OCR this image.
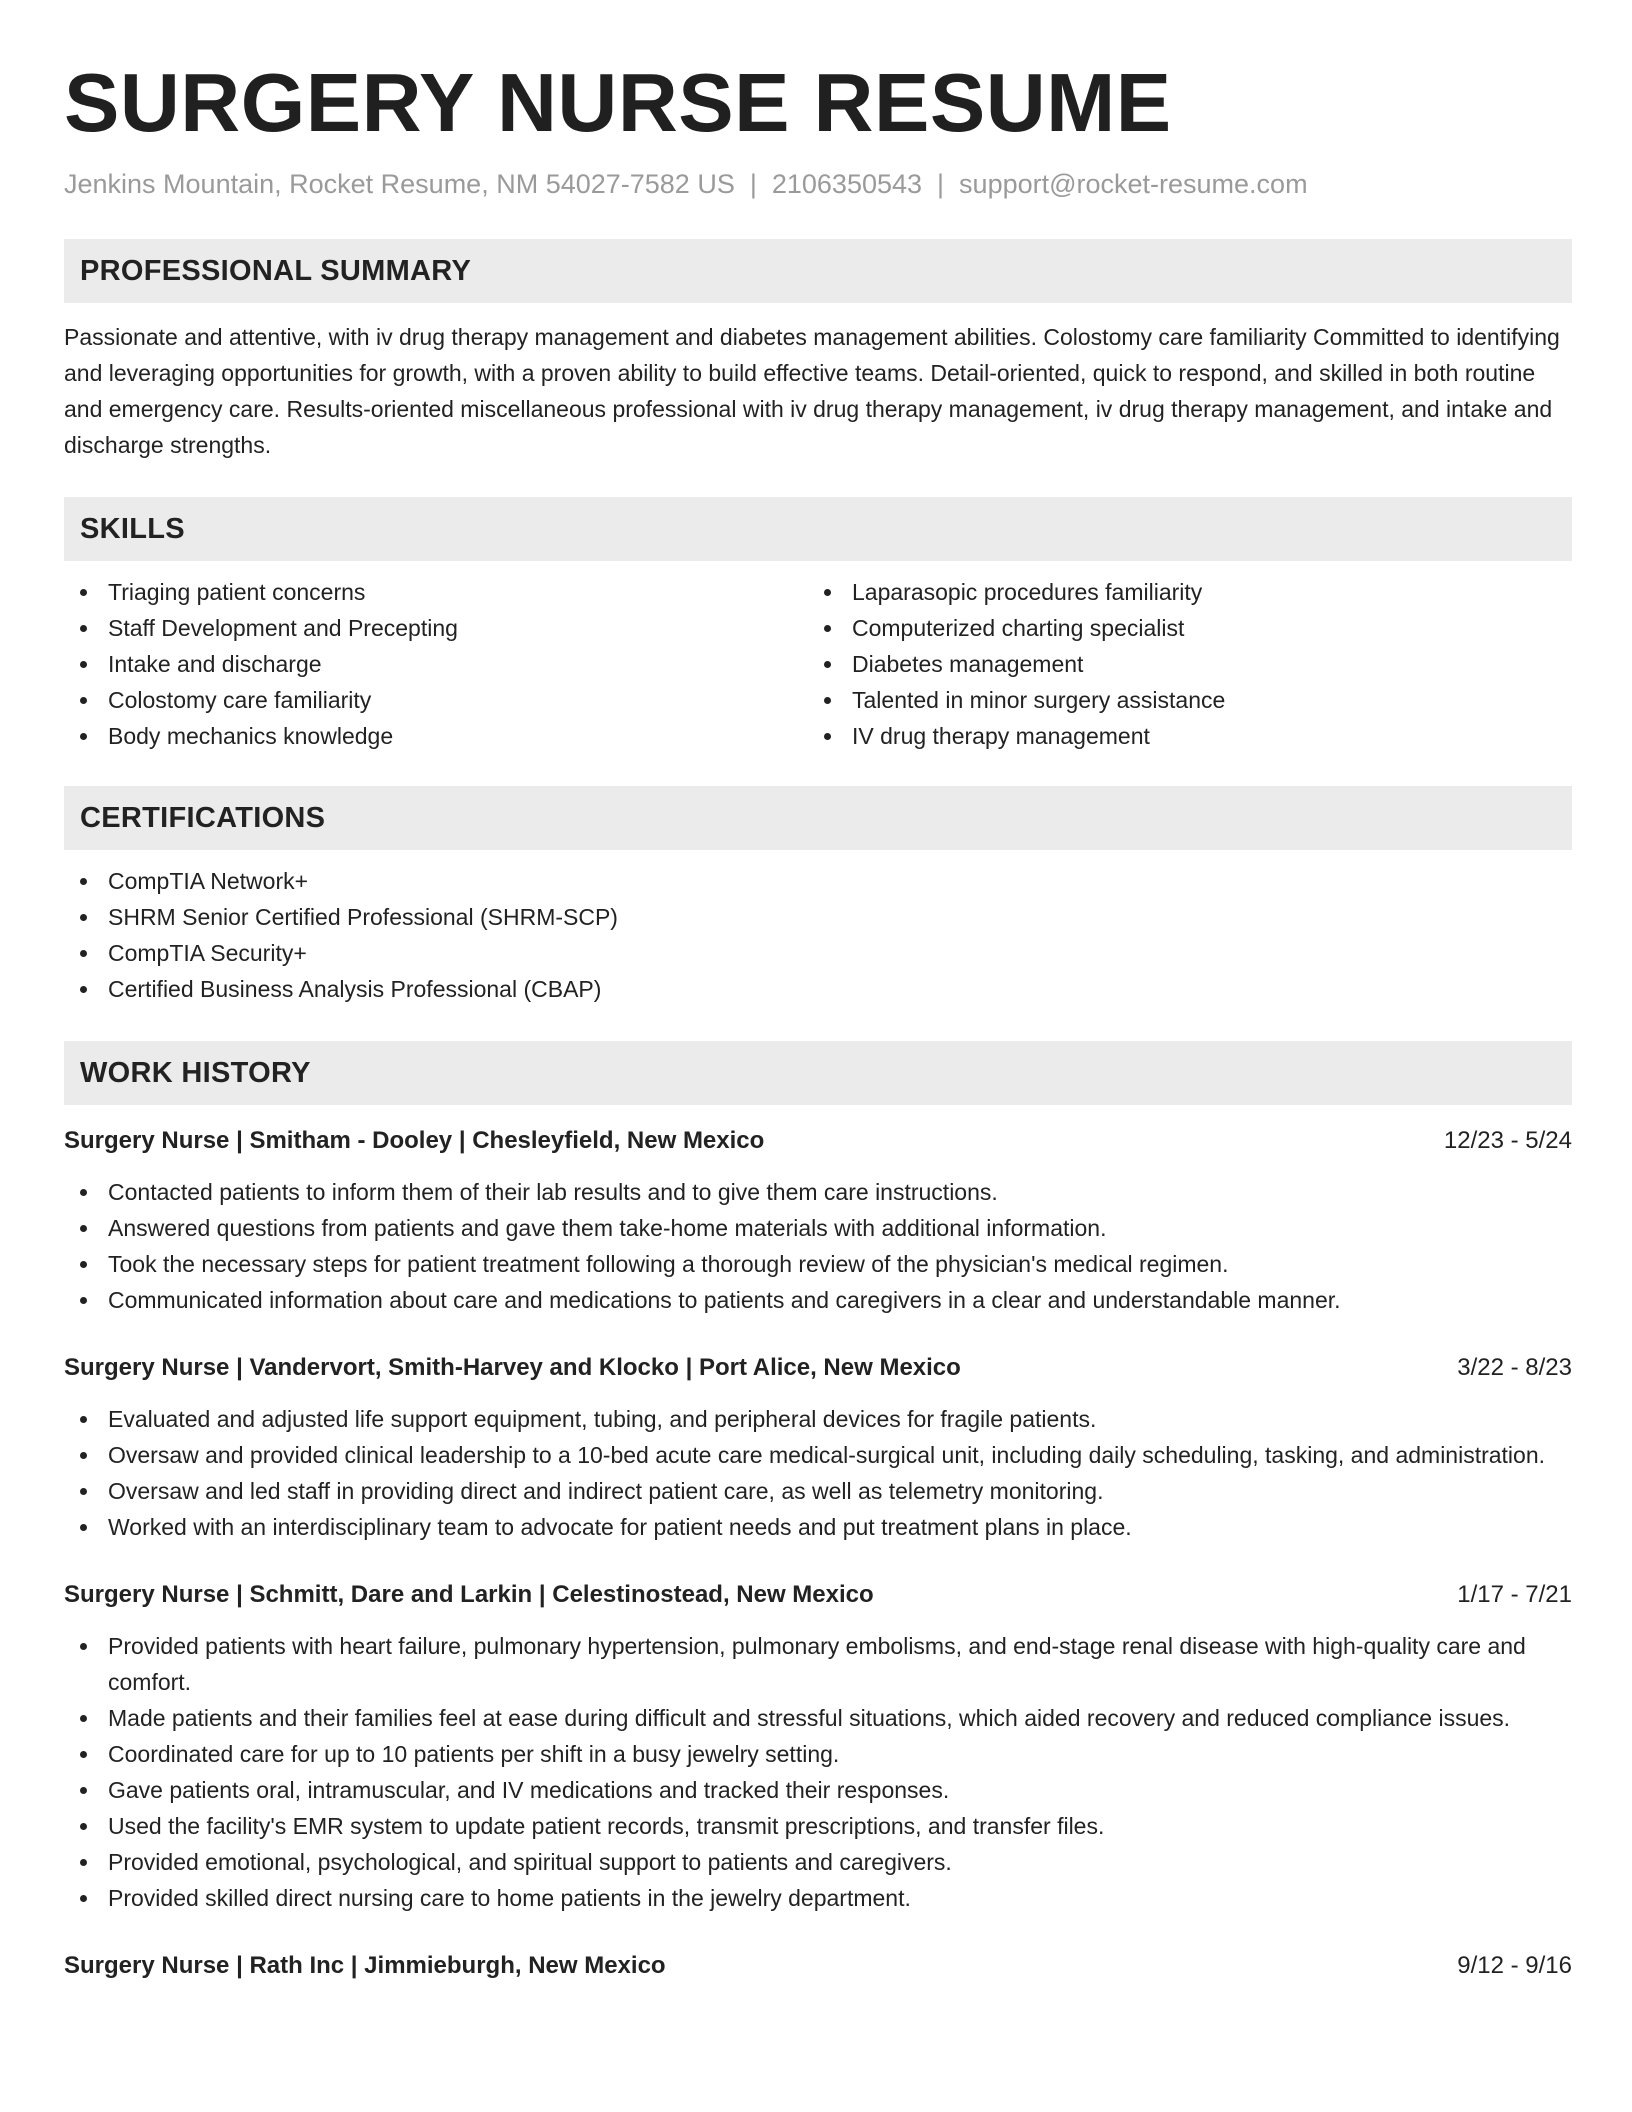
SURGERY NURSE RESUME
Jenkins Mountain, Rocket Resume, NM 54027-7582 US | 2106350543 | support@rocket-resume.com
PROFESSIONAL SUMMARY

Passionate and attentive, with iv drug therapy management and diabetes management abilities. Colostomy care familiarity Committed to identifying and leveraging opportunities for growth, with a proven ability to build effective teams. Detail-oriented, quick to respond, and skilled in both routine and emergency care. Results-oriented miscellaneous professional with iv drug therapy management, iv drug therapy management, and intake and discharge strengths.

SKILLS
Triaging patient concerns
Staff Development and Precepting
Intake and discharge
Colostomy care familiarity
Body mechanics knowledge
Laparasopic procedures familiarity
Computerized charting specialist
Diabetes management
Talented in minor surgery assistance
IV drug therapy management
CERTIFICATIONS
CompTIA Network+
SHRM Senior Certified Professional (SHRM-SCP)
CompTIA Security+
Certified Business Analysis Professional (CBAP)
WORK HISTORY
Surgery Nurse | Smitham - Dooley | Chesleyfield, New Mexico	12/23 - 5/24
Contacted patients to inform them of their lab results and to give them care instructions.
Answered questions from patients and gave them take-home materials with additional information.
Took the necessary steps for patient treatment following a thorough review of the physician's medical regimen.
Communicated information about care and medications to patients and caregivers in a clear and understandable manner.
Surgery Nurse | Vandervort, Smith-Harvey and Klocko | Port Alice, New Mexico	3/22 - 8/23
Evaluated and adjusted life support equipment, tubing, and peripheral devices for fragile patients.
Oversaw and provided clinical leadership to a 10-bed acute care medical-surgical unit, including daily scheduling, tasking, and administration.
Oversaw and led staff in providing direct and indirect patient care, as well as telemetry monitoring.
Worked with an interdisciplinary team to advocate for patient needs and put treatment plans in place.
Surgery Nurse | Schmitt, Dare and Larkin | Celestinostead, New Mexico	1/17 - 7/21
Provided patients with heart failure, pulmonary hypertension, pulmonary embolisms, and end-stage renal disease with high-quality care and comfort.
Made patients and their families feel at ease during difficult and stressful situations, which aided recovery and reduced compliance issues.
Coordinated care for up to 10 patients per shift in a busy jewelry setting.
Gave patients oral, intramuscular, and IV medications and tracked their responses.
Used the facility's EMR system to update patient records, transmit prescriptions, and transfer files.
Provided emotional, psychological, and spiritual support to patients and caregivers.
Provided skilled direct nursing care to home patients in the jewelry department.
Surgery Nurse | Rath Inc | Jimmieburgh, New Mexico	9/12 - 9/16
